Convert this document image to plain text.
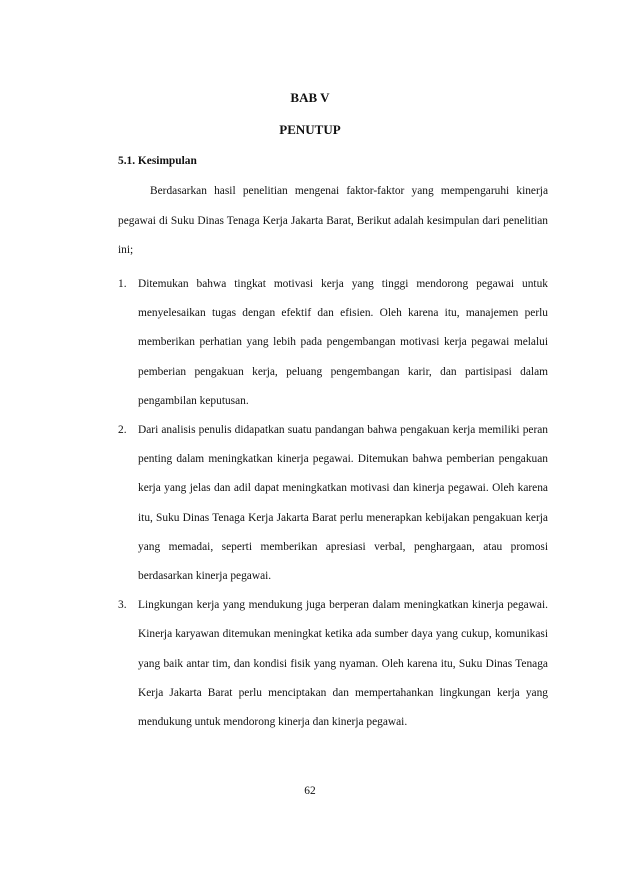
BAB V
PENUTUP
5.1. Kesimpulan

Berdasarkan hasil penelitian mengenai faktor-faktor yang mempengaruhi kinerja pegawai di Suku Dinas Tenaga Kerja Jakarta Barat, Berikut adalah kesimpulan dari penelitian ini;

1. Ditemukan bahwa tingkat motivasi kerja yang tinggi mendorong pegawai untuk menyelesaikan tugas dengan efektif dan efisien. Oleh karena itu, manajemen perlu memberikan perhatian yang lebih pada pengembangan motivasi kerja pegawai melalui pemberian pengakuan kerja, peluang pengembangan karir, dan partisipasi dalam pengambilan keputusan.
2. Dari analisis penulis didapatkan suatu pandangan bahwa pengakuan kerja memiliki peran penting dalam meningkatkan kinerja pegawai. Ditemukan bahwa pemberian pengakuan kerja yang jelas dan adil dapat meningkatkan motivasi dan kinerja pegawai. Oleh karena itu, Suku Dinas Tenaga Kerja Jakarta Barat perlu menerapkan kebijakan pengakuan kerja yang memadai, seperti memberikan apresiasi verbal, penghargaan, atau promosi berdasarkan kinerja pegawai.
3. Lingkungan kerja yang mendukung juga berperan dalam meningkatkan kinerja pegawai. Kinerja karyawan ditemukan meningkat ketika ada sumber daya yang cukup, komunikasi yang baik antar tim, dan kondisi fisik yang nyaman. Oleh karena itu, Suku Dinas Tenaga Kerja Jakarta Barat perlu menciptakan dan mempertahankan lingkungan kerja yang mendukung untuk mendorong kinerja dan kinerja pegawai.
62
